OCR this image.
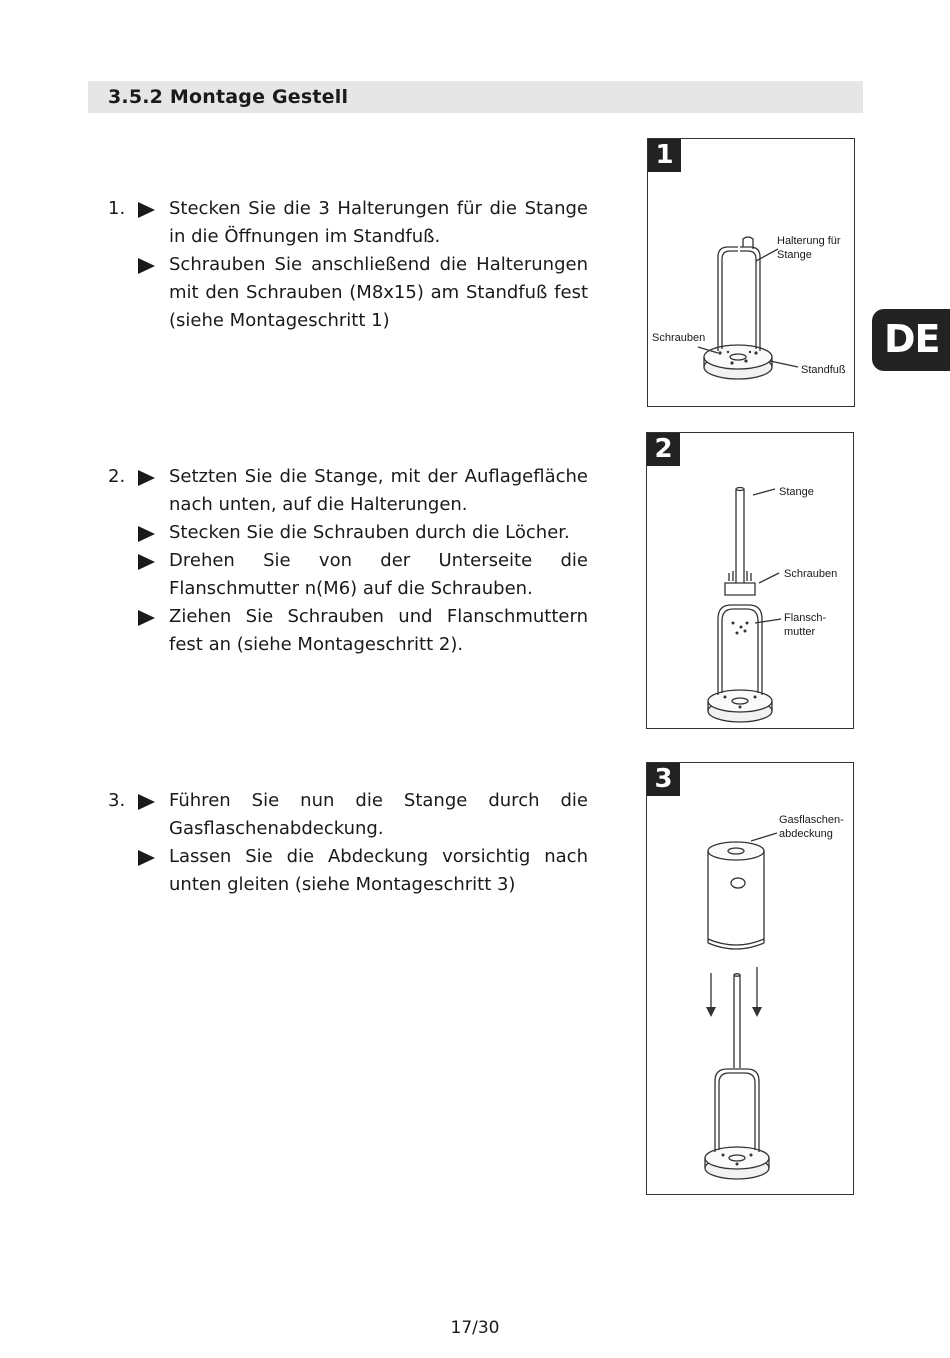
3.5.2 Montage Gestell
DE
1.	Stecken Sie die 3 Halterungen für die Stange in die Öffnungen im Standfuß.
Schrauben Sie anschließend die Halterungen mit den Schrauben (M8x15) am Standfuß fest (siehe Montageschritt 1)
2.	Setzten Sie die Stange, mit der Auflagefläche nach unten, auf die Halterungen.
Stecken Sie die Schrauben durch die Löcher.
Drehen Sie von der Unterseite die Flanschmutter n(M6) auf die Schrauben.
Ziehen Sie Schrauben und Flanschmuttern fest an (siehe Montageschritt 2).
3.	Führen Sie nun die Stange durch die Gasflaschenabdeckung.
Lassen Sie die Abdeckung vorsichtig nach unten gleiten (siehe Montageschritt 3)
1
Halterung für
Stange
Schrauben
Standfuß
2
Stange
Schrauben
Flansch-
mutter
3
Gasflaschen-
abdeckung
17/30
